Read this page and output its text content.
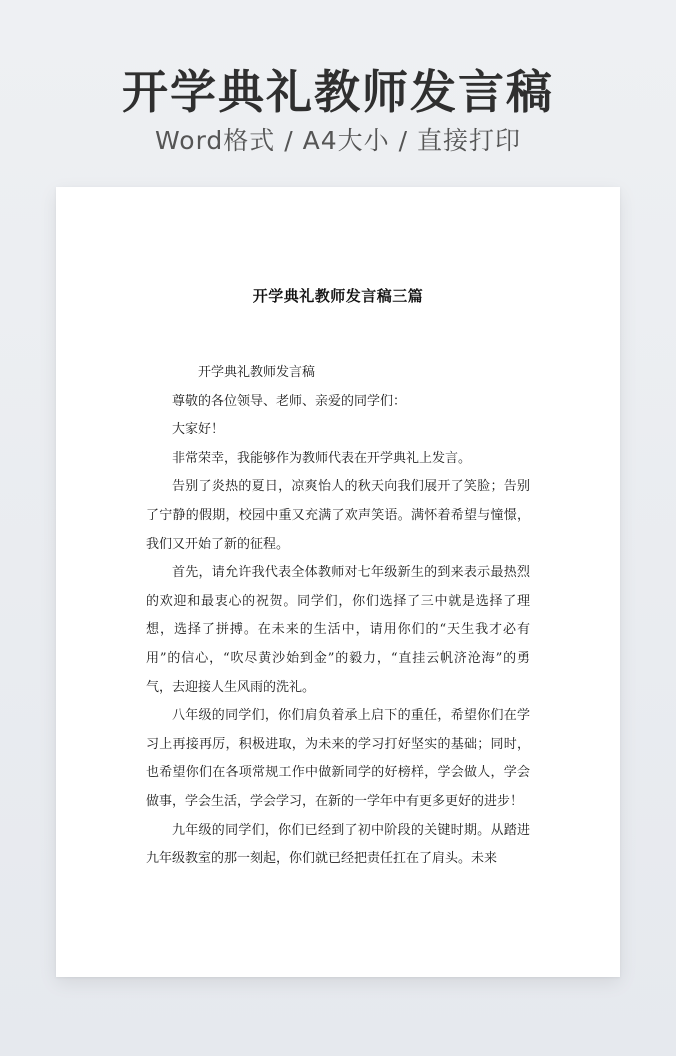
开学典礼教师发言稿
Word格式 / A4大小 / 直接打印
开学典礼教师发言稿三篇

开学典礼教师发言稿

尊敬的各位领导、老师、亲爱的同学们：

大家好！

非常荣幸，我能够作为教师代表在开学典礼上发言。

告别了炎热的夏日，凉爽怡人的秋天向我们展开了笑脸；告别了宁静的假期，校园中重又充满了欢声笑语。满怀着希望与憧憬，我们又开始了新的征程。

首先，请允许我代表全体教师对七年级新生的到来表示最热烈的欢迎和最衷心的祝贺。同学们，你们选择了三中就是选择了理想，选择了拼搏。在未来的生活中，请用你们的“天生我才必有用”的信心，“吹尽黄沙始到金”的毅力，“直挂云帆济沧海”的勇气，去迎接人生风雨的洗礼。

八年级的同学们，你们肩负着承上启下的重任，希望你们在学习上再接再厉，积极进取，为未来的学习打好坚实的基础；同时，也希望你们在各项常规工作中做新同学的好榜样，学会做人，学会做事，学会生活，学会学习，在新的一学年中有更多更好的进步！

九年级的同学们，你们已经到了初中阶段的关键时期。从踏进九年级教室的那一刻起，你们就已经把责任扛在了肩头。未来
